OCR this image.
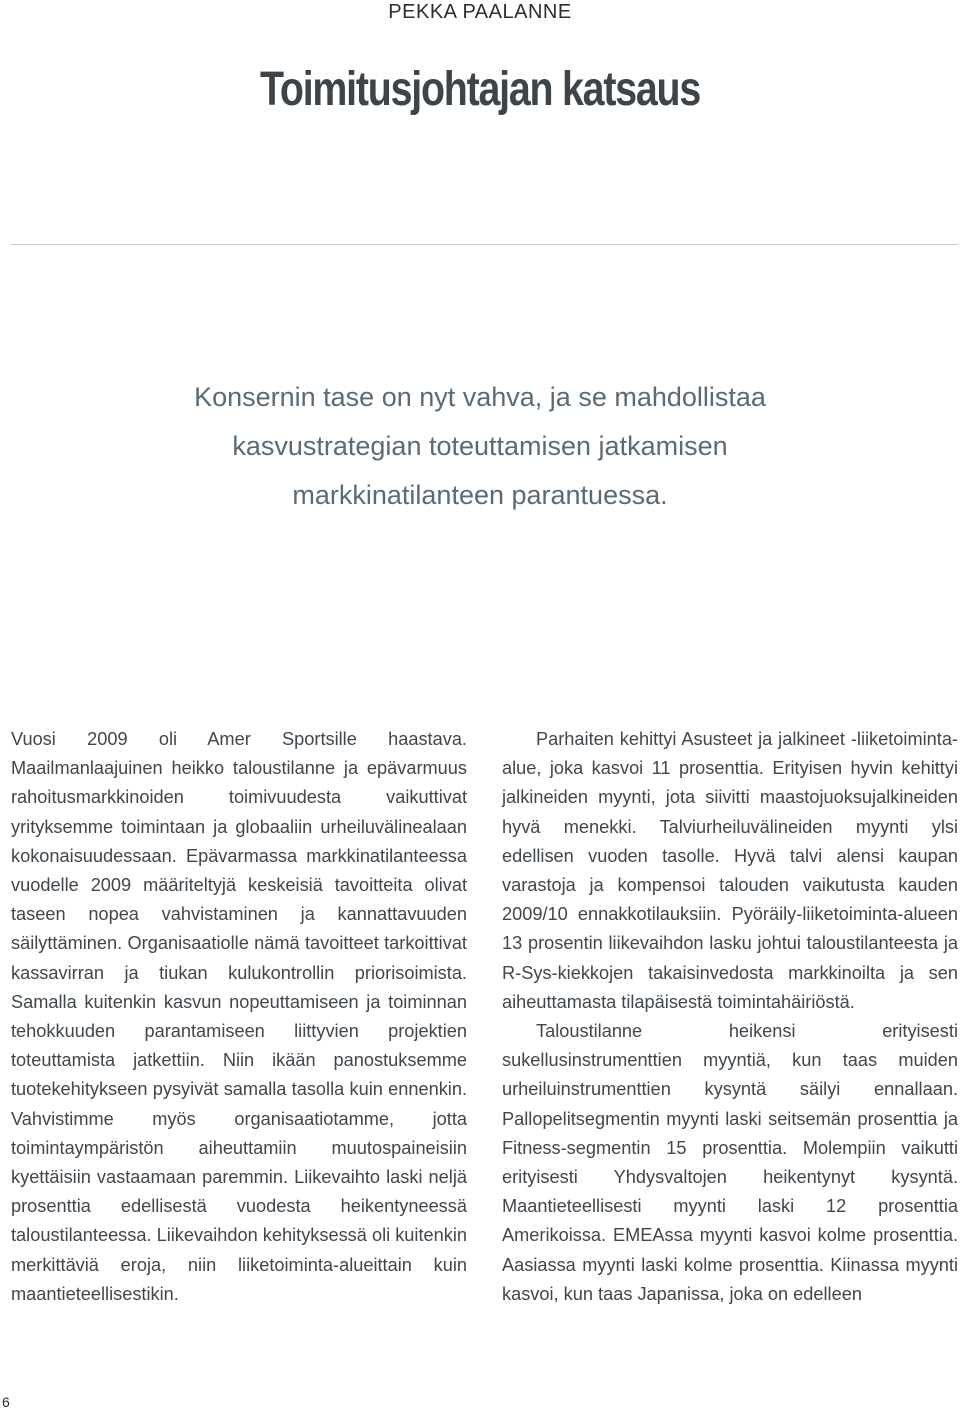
PEKKA PAALANNE
Toimitusjohtajan katsaus
Konsernin tase on nyt vahva, ja se mahdollistaa
kasvustrategian toteuttamisen jatkamisen
markkinatilanteen parantuessa.

Vuosi 2009 oli Amer Sportsille haastava. Maailmanlaajuinen heikko taloustilanne ja epävarmuus rahoitusmarkkinoiden toimivuudesta vaikuttivat yrityksemme toimintaan ja globaaliin urheiluvälinealaan kokonaisuudessaan. Epävarmassa markkinatilanteessa vuodelle 2009 määriteltyjä keskeisiä tavoitteita olivat taseen nopea vahvistaminen ja kannattavuuden säilyttäminen. Organisaatiolle nämä tavoitteet tarkoittivat kassavirran ja tiukan kulukontrollin priorisoimista. Samalla kuitenkin kasvun nopeuttamiseen ja toiminnan tehokkuuden parantamiseen liittyvien projektien toteuttamista jatkettiin. Niin ikään panostuksemme tuotekehitykseen pysyivät samalla tasolla kuin ennenkin. Vahvistimme myös organisaatiotamme, jotta toimintaympäristön aiheuttamiin muutospaineisiin kyettäisiin vastaamaan paremmin. Liikevaihto laski neljä prosenttia edellisestä vuodesta heikentyneessä taloustilanteessa. Liikevaihdon kehityksessä oli kuitenkin merkittäviä eroja, niin liiketoiminta-alueittain kuin maantieteellisestikin.

Parhaiten kehittyi Asusteet ja jalkineet -liiketoiminta-alue, joka kasvoi 11 prosenttia. Erityisen hyvin kehittyi jalkineiden myynti, jota siivitti maastojuoksujalkineiden hyvä menekki. Talviurheiluvälineiden myynti ylsi edellisen vuoden tasolle. Hyvä talvi alensi kaupan varastoja ja kompensoi talouden vaikutusta kauden 2009/10 ennakkotilauksiin. Pyöräily-liiketoiminta-alueen 13 prosentin liikevaihdon lasku johtui taloustilanteesta ja R-Sys-kiekkojen takaisinvedosta markkinoilta ja sen aiheuttamasta tilapäisestä toimintahäiriöstä.

Taloustilanne heikensi erityisesti sukellusinstrumenttien myyntiä, kun taas muiden urheiluinstrumenttien kysyntä säilyi ennallaan. Pallopelitsegmentin myynti laski seitsemän prosenttia ja Fitness-segmentin 15 prosenttia. Molempiin vaikutti erityisesti Yhdysvaltojen heikentynyt kysyntä. Maantieteellisesti myynti laski 12 prosenttia Amerikoissa. EMEAssa myynti kasvoi kolme prosenttia. Aasiassa myynti laski kolme prosenttia. Kiinassa myynti kasvoi, kun taas Japanissa, joka on edelleen

6
